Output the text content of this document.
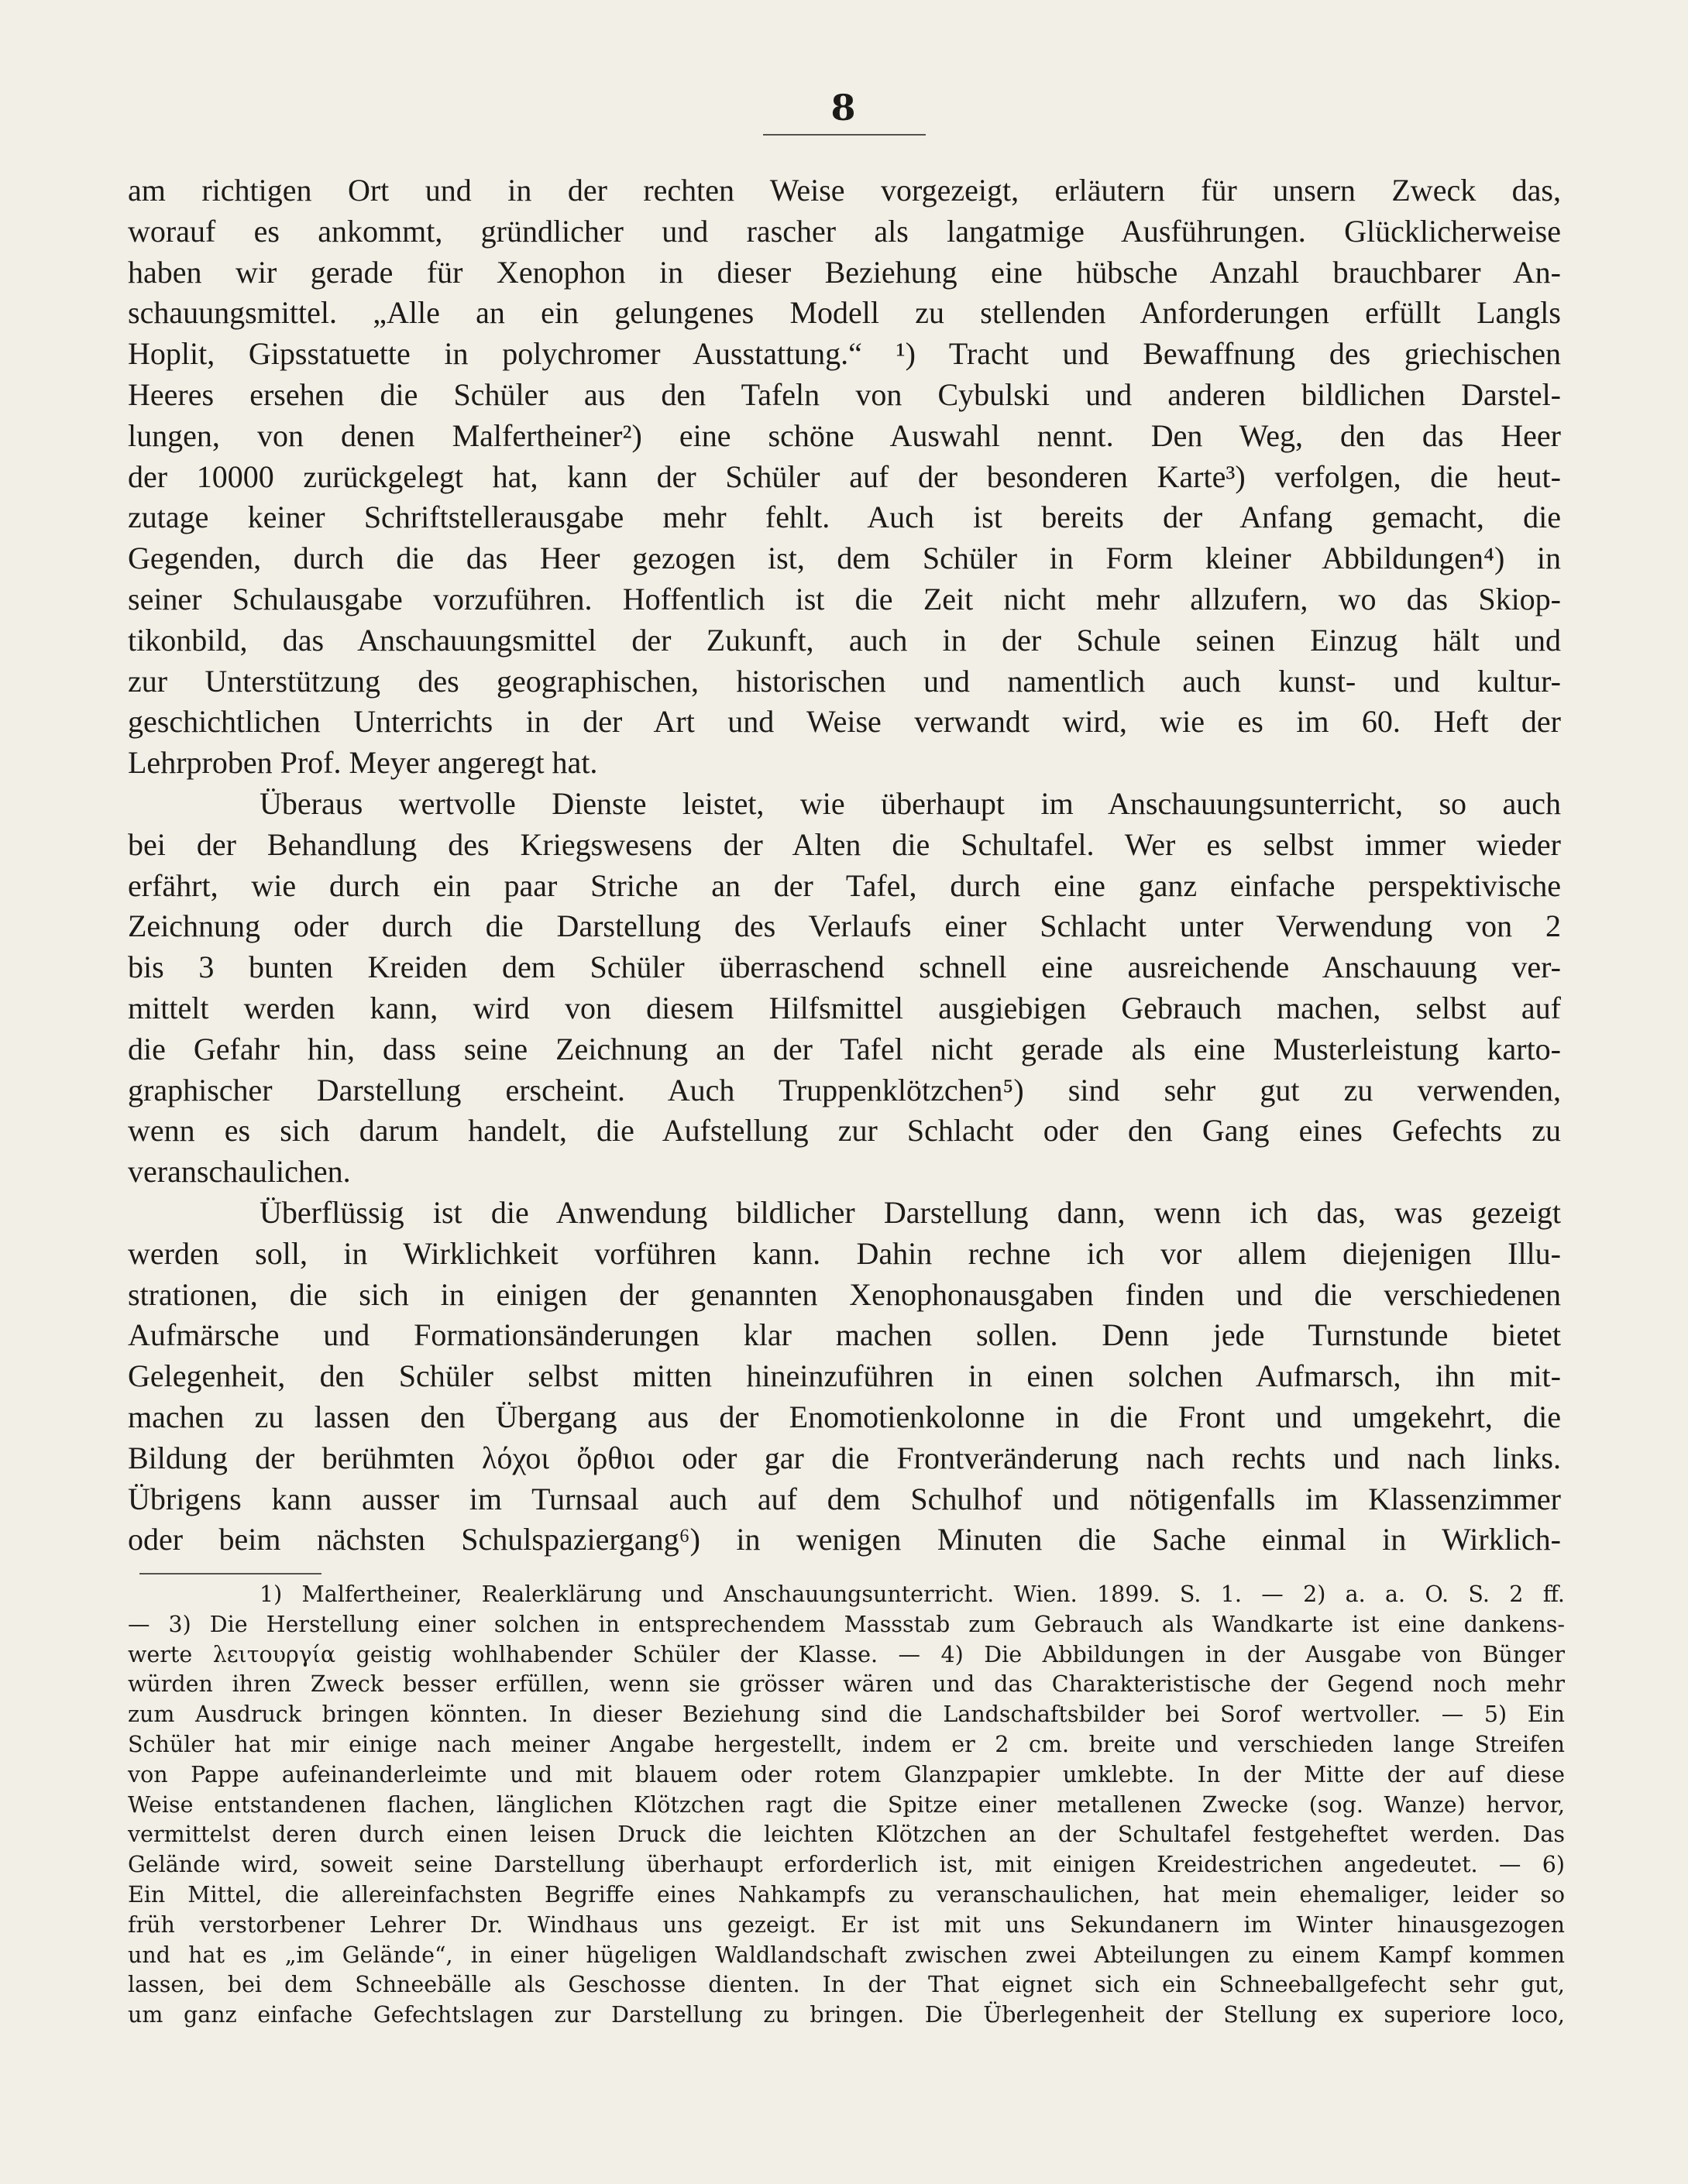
8
am richtigen Ort und in der rechten Weise vorgezeigt, erläutern für unsern Zweck das,
worauf es ankommt, gründlicher und rascher als langatmige Ausführungen. Glücklicherweise
haben wir gerade für Xenophon in dieser Beziehung eine hübsche Anzahl brauchbarer An-
schauungsmittel. „Alle an ein gelungenes Modell zu stellenden Anforderungen erfüllt Langls
Hoplit, Gipsstatuette in polychromer Ausstattung.“ ¹) Tracht und Bewaffnung des griechischen
Heeres ersehen die Schüler aus den Tafeln von Cybulski und anderen bildlichen Darstel-
lungen, von denen Malfertheiner²) eine schöne Auswahl nennt. Den Weg, den das Heer
der 10000 zurückgelegt hat, kann der Schüler auf der besonderen Karte³) verfolgen, die heut-
zutage keiner Schriftstellerausgabe mehr fehlt. Auch ist bereits der Anfang gemacht, die
Gegenden, durch die das Heer gezogen ist, dem Schüler in Form kleiner Abbildungen⁴) in
seiner Schulausgabe vorzuführen. Hoffentlich ist die Zeit nicht mehr allzufern, wo das Skiop-
tikonbild, das Anschauungsmittel der Zukunft, auch in der Schule seinen Einzug hält und
zur Unterstützung des geographischen, historischen und namentlich auch kunst- und kultur-
geschichtlichen Unterrichts in der Art und Weise verwandt wird, wie es im 60. Heft der
Lehrproben Prof. Meyer angeregt hat.
Überaus wertvolle Dienste leistet, wie überhaupt im Anschauungsunterricht, so auch
bei der Behandlung des Kriegswesens der Alten die Schultafel. Wer es selbst immer wieder
erfährt, wie durch ein paar Striche an der Tafel, durch eine ganz einfache perspektivische
Zeichnung oder durch die Darstellung des Verlaufs einer Schlacht unter Verwendung von 2
bis 3 bunten Kreiden dem Schüler überraschend schnell eine ausreichende Anschauung ver-
mittelt werden kann, wird von diesem Hilfsmittel ausgiebigen Gebrauch machen, selbst auf
die Gefahr hin, dass seine Zeichnung an der Tafel nicht gerade als eine Musterleistung karto-
graphischer Darstellung erscheint. Auch Truppenklötzchen⁵) sind sehr gut zu verwenden,
wenn es sich darum handelt, die Aufstellung zur Schlacht oder den Gang eines Gefechts zu
veranschaulichen.
Überflüssig ist die Anwendung bildlicher Darstellung dann, wenn ich das, was gezeigt
werden soll, in Wirklichkeit vorführen kann. Dahin rechne ich vor allem diejenigen Illu-
strationen, die sich in einigen der genannten Xenophonausgaben finden und die verschiedenen
Aufmärsche und Formationsänderungen klar machen sollen. Denn jede Turnstunde bietet
Gelegenheit, den Schüler selbst mitten hineinzuführen in einen solchen Aufmarsch, ihn mit-
machen zu lassen den Übergang aus der Enomotienkolonne in die Front und umgekehrt, die
Bildung der berühmten λόχοι ὄρθιοι oder gar die Frontveränderung nach rechts und nach links.
Übrigens kann ausser im Turnsaal auch auf dem Schulhof und nötigenfalls im Klassenzimmer
oder beim nächsten Schulspaziergang⁶) in wenigen Minuten die Sache einmal in Wirklich-
1) Malfertheiner, Realerklärung und Anschauungsunterricht. Wien. 1899. S. 1. — 2) a. a. O. S. 2 ff.
— 3) Die Herstellung einer solchen in entsprechendem Massstab zum Gebrauch als Wandkarte ist eine dankens-
werte λειτουργία geistig wohlhabender Schüler der Klasse. — 4) Die Abbildungen in der Ausgabe von Bünger
würden ihren Zweck besser erfüllen, wenn sie grösser wären und das Charakteristische der Gegend noch mehr
zum Ausdruck bringen könnten. In dieser Beziehung sind die Landschaftsbilder bei Sorof wertvoller. — 5) Ein
Schüler hat mir einige nach meiner Angabe hergestellt, indem er 2 cm. breite und verschieden lange Streifen
von Pappe aufeinanderleimte und mit blauem oder rotem Glanzpapier umklebte. In der Mitte der auf diese
Weise entstandenen flachen, länglichen Klötzchen ragt die Spitze einer metallenen Zwecke (sog. Wanze) hervor,
vermittelst deren durch einen leisen Druck die leichten Klötzchen an der Schultafel festgeheftet werden. Das
Gelände wird, soweit seine Darstellung überhaupt erforderlich ist, mit einigen Kreidestrichen angedeutet. — 6)
Ein Mittel, die allereinfachsten Begriffe eines Nahkampfs zu veranschaulichen, hat mein ehemaliger, leider so
früh verstorbener Lehrer Dr. Windhaus uns gezeigt. Er ist mit uns Sekundanern im Winter hinausgezogen
und hat es „im Gelände“, in einer hügeligen Waldlandschaft zwischen zwei Abteilungen zu einem Kampf kommen
lassen, bei dem Schneebälle als Geschosse dienten. In der That eignet sich ein Schneeballgefecht sehr gut,
um ganz einfache Gefechtslagen zur Darstellung zu bringen. Die Überlegenheit der Stellung ex superiore loco,
